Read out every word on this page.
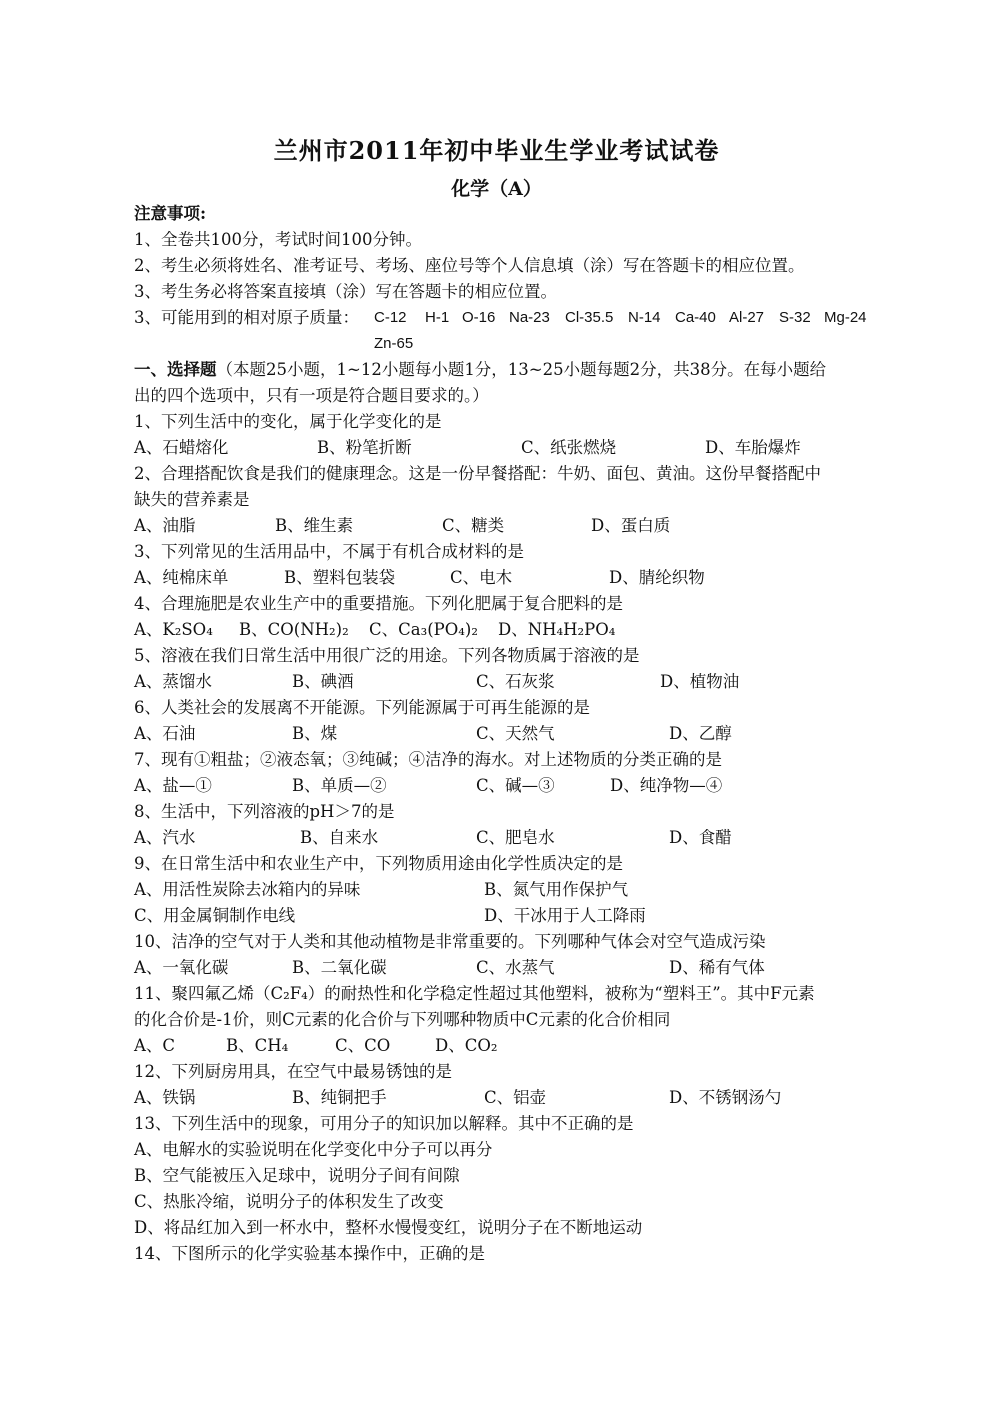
兰州市2011年初中毕业生学业考试试卷
化学（A）
注意事项:
1、全卷共100分，考试时间100分钟。
2、考生必须将姓名、准考证号、考场、座位号等个人信息填（涂）写在答题卡的相应位置。
3、考生务必将答案直接填（涂）写在答题卡的相应位置。
3、可能用到的相对原子质量： C-12 H-1 O-16 Na-23 Cl-35.5 N-14 Ca-40 Al-27 S-32 Mg-24
Zn-65
一、选择题（本题25小题，1~12小题每小题1分，13~25小题每题2分，共38分。在每小题给
出的四个选项中，只有一项是符合题目要求的。）
1、下列生活中的变化，属于化学变化的是
A、石蜡熔化	B、粉笔折断	C、纸张燃烧	D、车胎爆炸
2、合理搭配饮食是我们的健康理念。这是一份早餐搭配：牛奶、面包、黄油。这份早餐搭配中
缺失的营养素是
A、油脂	B、维生素	C、糖类	D、蛋白质
3、下列常见的生活用品中，不属于有机合成材料的是
A、纯棉床单	B、塑料包装袋	C、电木	D、腈纶织物
4、合理施肥是农业生产中的重要措施。下列化肥属于复合肥料的是
A、K₂SO₄ B、CO(NH₂)₂ C、Ca₃(PO₄)₂ D、NH₄H₂PO₄
5、溶液在我们日常生活中用很广泛的用途。下列各物质属于溶液的是
A、蒸馏水	B、碘酒	C、石灰浆	D、植物油
6、人类社会的发展离不开能源。下列能源属于可再生能源的是
A、石油	B、煤	C、天然气	D、乙醇
7、现有①粗盐；②液态氧；③纯碱；④洁净的海水。对上述物质的分类正确的是
A、盐—①	B、单质—②	C、碱—③	D、纯净物—④
8、生活中，下列溶液的pH＞7的是
A、汽水	B、自来水	C、肥皂水	D、食醋
9、在日常生活中和农业生产中，下列物质用途由化学性质决定的是
A、用活性炭除去冰箱内的异味	B、氮气用作保护气
C、用金属铜制作电线	D、干冰用于人工降雨
10、洁净的空气对于人类和其他动植物是非常重要的。下列哪种气体会对空气造成污染
A、一氧化碳	B、二氧化碳	C、水蒸气	D、稀有气体
11、聚四氟乙烯（C₂F₄）的耐热性和化学稳定性超过其他塑料，被称为“塑料王”。其中F元素
的化合价是-1价，则C元素的化合价与下列哪种物质中C元素的化合价相同
A、C	B、CH₄	C、CO	D、CO₂
12、下列厨房用具，在空气中最易锈蚀的是
A、铁锅	B、纯铜把手	C、铝壶	D、不锈钢汤勺
13、下列生活中的现象，可用分子的知识加以解释。其中不正确的是
A、电解水的实验说明在化学变化中分子可以再分
B、空气能被压入足球中，说明分子间有间隙
C、热胀冷缩，说明分子的体积发生了改变
D、将品红加入到一杯水中，整杯水慢慢变红，说明分子在不断地运动
14、下图所示的化学实验基本操作中，正确的是
